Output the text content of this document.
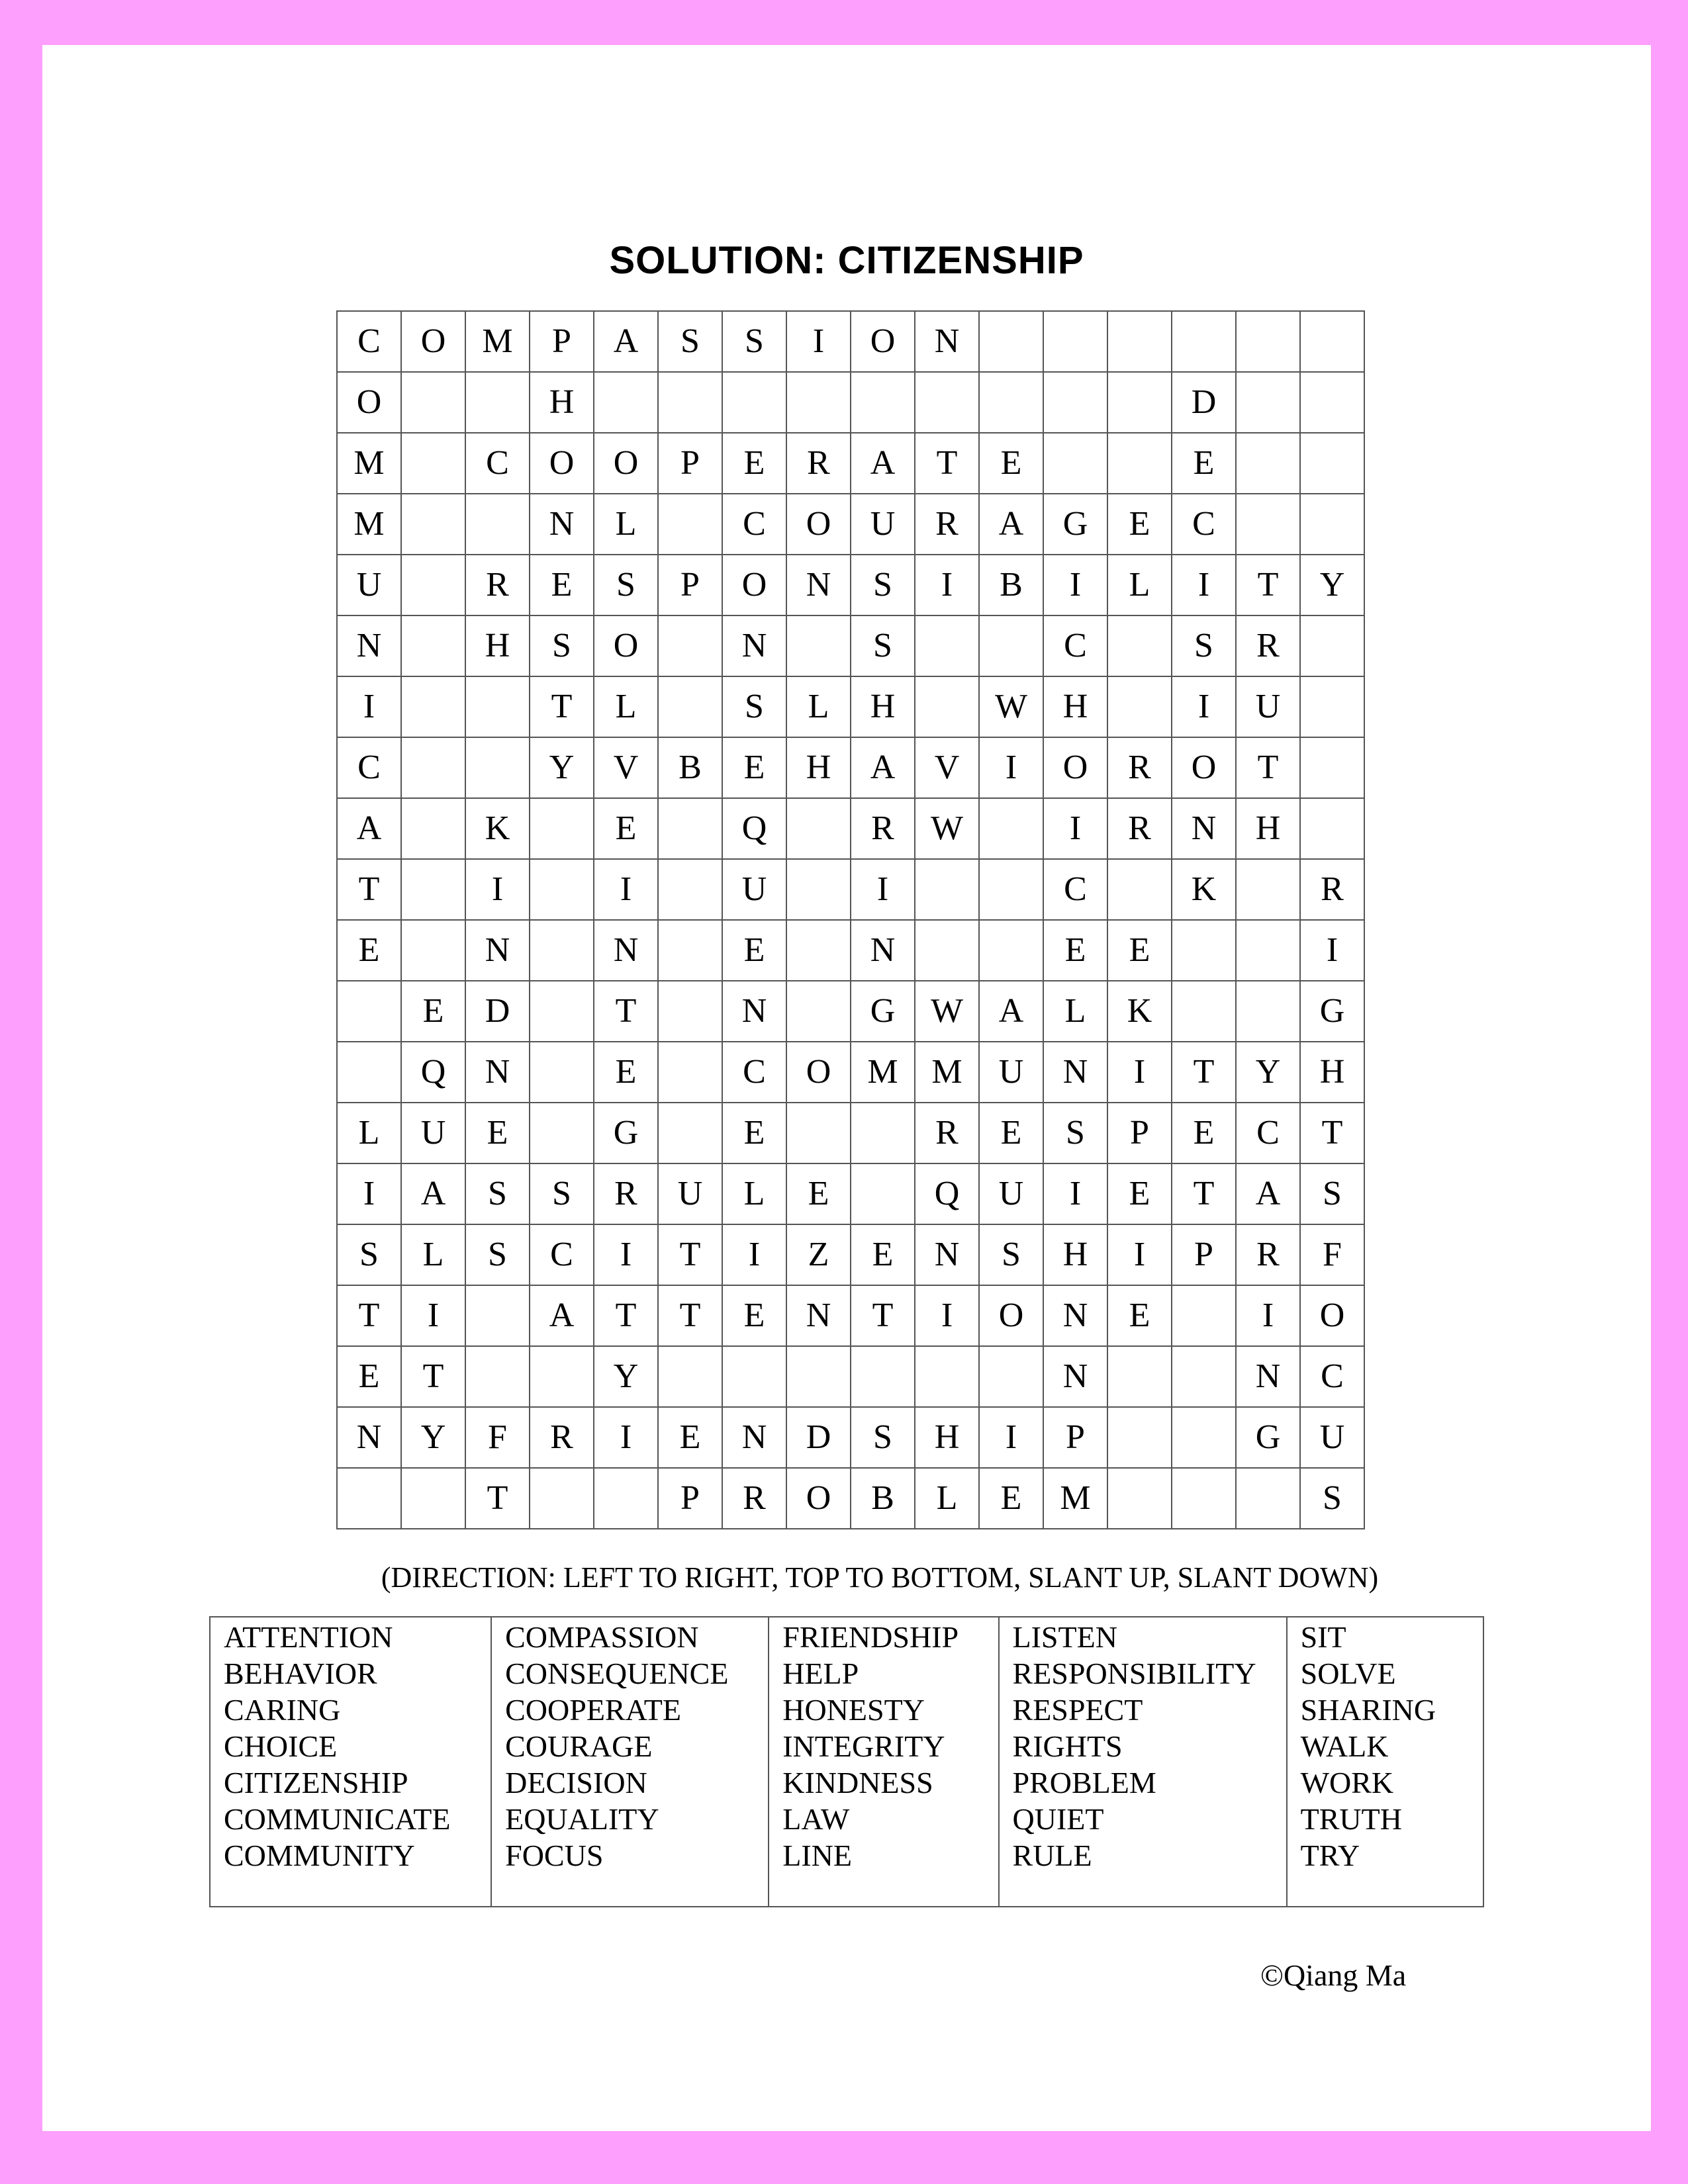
SOLUTION: CITIZENSHIP
C	O	M	P	A	S	S	I	O	N						
O			H										D		
M		C	O	O	P	E	R	A	T	E			E		
M			N	L		C	O	U	R	A	G	E	C		
U		R	E	S	P	O	N	S	I	B	I	L	I	T	Y
N		H	S	O		N		S			C		S	R	
I			T	L		S	L	H		W	H		I	U	
C			Y	V	B	E	H	A	V	I	O	R	O	T	
A		K		E		Q		R	W		I	R	N	H	
T		I		I		U		I			C		K		R
E		N		N		E		N			E	E			I
	E	D		T		N		G	W	A	L	K			G
	Q	N		E		C	O	M	M	U	N	I	T	Y	H
L	U	E		G		E			R	E	S	P	E	C	T
I	A	S	S	R	U	L	E		Q	U	I	E	T	A	S
S	L	S	C	I	T	I	Z	E	N	S	H	I	P	R	F
T	I		A	T	T	E	N	T	I	O	N	E		I	O
E	T			Y							N			N	C
N	Y	F	R	I	E	N	D	S	H	I	P			G	U
		T			P	R	O	B	L	E	M				S
(DIRECTION: LEFT TO RIGHT, TOP TO BOTTOM, SLANT UP, SLANT DOWN)
ATTENTION
BEHAVIOR
CARING
CHOICE
CITIZENSHIP
COMMUNICATE
COMMUNITY
COMPASSION
CONSEQUENCE
COOPERATE
COURAGE
DECISION
EQUALITY
FOCUS
FRIENDSHIP
HELP
HONESTY
INTEGRITY
KINDNESS
LAW
LINE
LISTEN
RESPONSIBILITY
RESPECT
RIGHTS
PROBLEM
QUIET
RULE
SIT
SOLVE
SHARING
WALK
WORK
TRUTH
TRY
©Qiang Ma
